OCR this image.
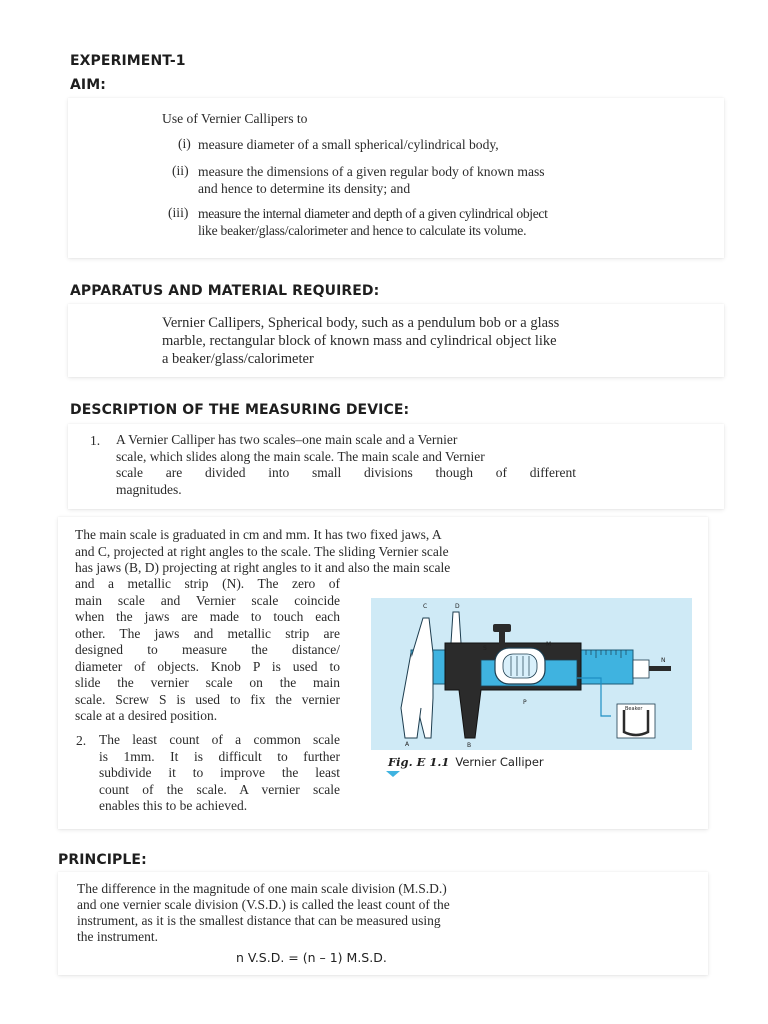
EXPERIMENT-1
AIM:
Use of Vernier Callipers to
(i) measure diameter of a small spherical/cylindrical body,
(ii) measure the dimensions of a given regular body of known mass
and hence to determine its density; and
(iii) measure the internal diameter and depth of a given cylindrical object
like beaker/glass/calorimeter and hence to calculate its volume.
APPARATUS AND MATERIAL REQUIRED:
Vernier Callipers, Spherical body, such as a pendulum bob or a glass
marble, rectangular block of known mass and cylindrical object like
a beaker/glass/calorimeter
DESCRIPTION OF THE MEASURING DEVICE:
1. A Vernier Calliper has two scales–one main scale and a Vernier
scale, which slides along the main scale. The main scale and Vernier
scale are divided into small divisions though of different
magnitudes.
The main scale is graduated in cm and mm. It has two fixed jaws, A
and C, projected at right angles to the scale. The sliding Vernier scale
has jaws (B, D) projecting at right angles to it and also the main scale
and a metallic strip (N). The zero of
main scale and Vernier scale coincide
when the jaws are made to touch each
other. The jaws and metallic strip are
designed to measure the distance/
diameter of objects. Knob P is used to
slide the vernier scale on the main
scale. Screw S is used to fix the vernier
scale at a desired position.
2. The least count of a common scale
is 1mm. It is difficult to further
subdivide it to improve the least
count of the scale. A vernier scale
enables this to be achieved.
C	D
A	B
M
N
P
S
Beaker
Fig. E 1.1 Vernier Calliper
PRINCIPLE:
The difference in the magnitude of one main scale division (M.S.D.)
and one vernier scale division (V.S.D.) is called the least count of the
instrument, as it is the smallest distance that can be measured using
the instrument.
n V.S.D. = (n – 1) M.S.D.
